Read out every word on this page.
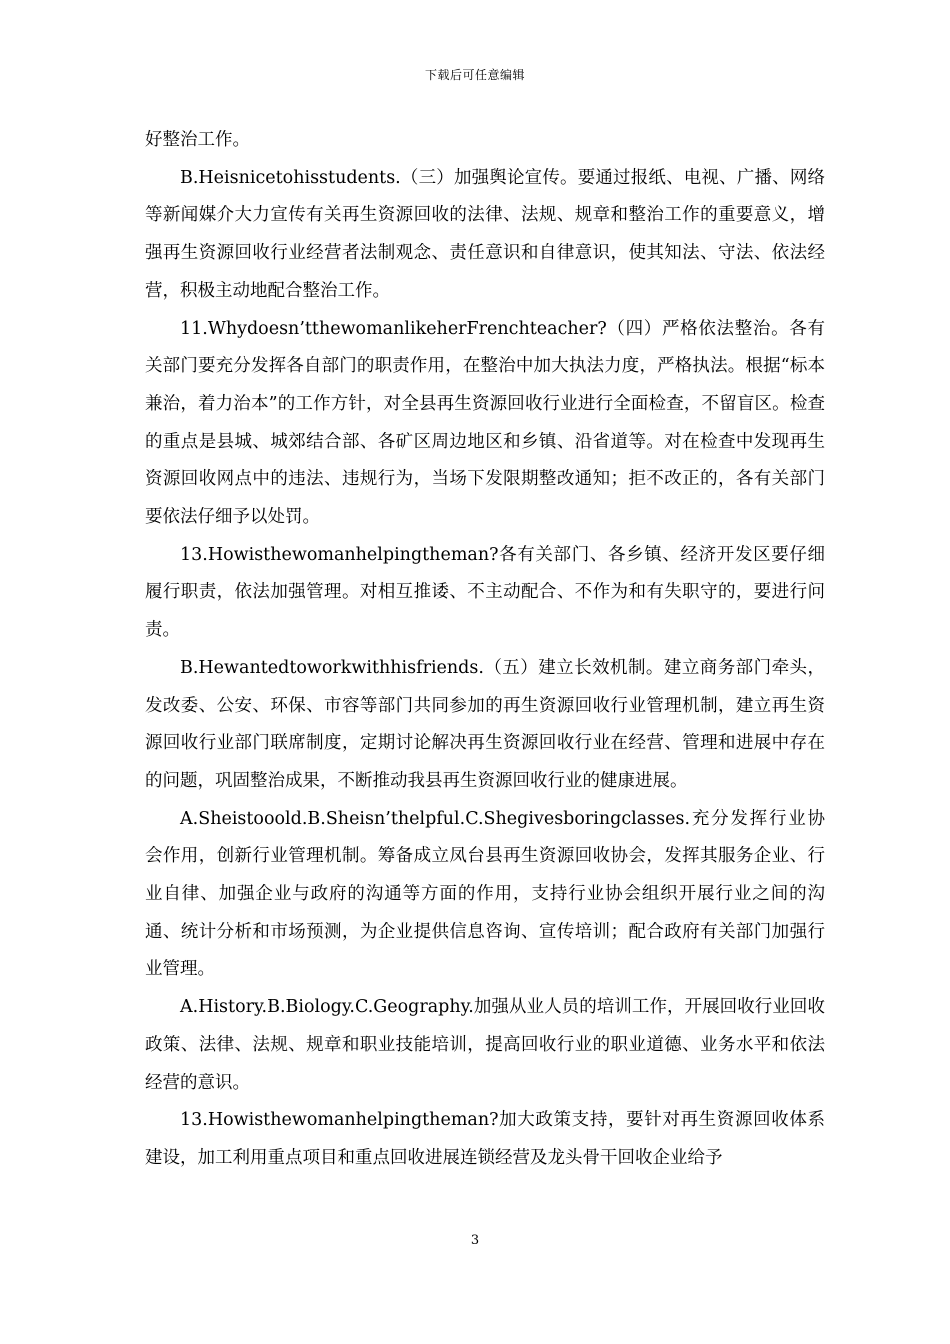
下载后可任意编辑

好整治工作。

B.Heisnicetohisstudents.（三）加强舆论宣传。要通过报纸、电视、广播、网络等新闻媒介大力宣传有关再生资源回收的法律、法规、规章和整治工作的重要意义，增强再生资源回收行业经营者法制观念、责任意识和自律意识，使其知法、守法、依法经营，积极主动地配合整治工作。

11.Whydoesn’tthewomanlikeherFrenchteacher?（四）严格依法整治。各有关部门要充分发挥各自部门的职责作用，在整治中加大执法力度，严格执法。根据“标本兼治，着力治本”的工作方针，对全县再生资源回收行业进行全面检查，不留盲区。检查的重点是县城、城郊结合部、各矿区周边地区和乡镇、沿省道等。对在检查中发现再生资源回收网点中的违法、违规行为，当场下发限期整改通知；拒不改正的，各有关部门要依法仔细予以处罚。

13.Howisthewomanhelpingtheman?各有关部门、各乡镇、经济开发区要仔细履行职责，依法加强管理。对相互推诿、不主动配合、不作为和有失职守的，要进行问责。

B.Hewantedtoworkwithhisfriends.（五）建立长效机制。建立商务部门牵头，发改委、公安、环保、市容等部门共同参加的再生资源回收行业管理机制，建立再生资源回收行业部门联席制度，定期讨论解决再生资源回收行业在经营、管理和进展中存在的问题，巩固整治成果，不断推动我县再生资源回收行业的健康进展。

A.Sheistooold.B.Sheisn’thelpful.C.Shegivesboringclasses.充分发挥行业协会作用，创新行业管理机制。筹备成立凤台县再生资源回收协会，发挥其服务企业、行业自律、加强企业与政府的沟通等方面的作用，支持行业协会组织开展行业之间的沟通、统计分析和市场预测，为企业提供信息咨询、宣传培训；配合政府有关部门加强行业管理。

A.History.B.Biology.C.Geography.加强从业人员的培训工作，开展回收行业回收政策、法律、法规、规章和职业技能培训，提高回收行业的职业道德、业务水平和依法经营的意识。

13.Howisthewomanhelpingtheman?加大政策支持，要针对再生资源回收体系建设，加工利用重点项目和重点回收进展连锁经营及龙头骨干回收企业给予

3
